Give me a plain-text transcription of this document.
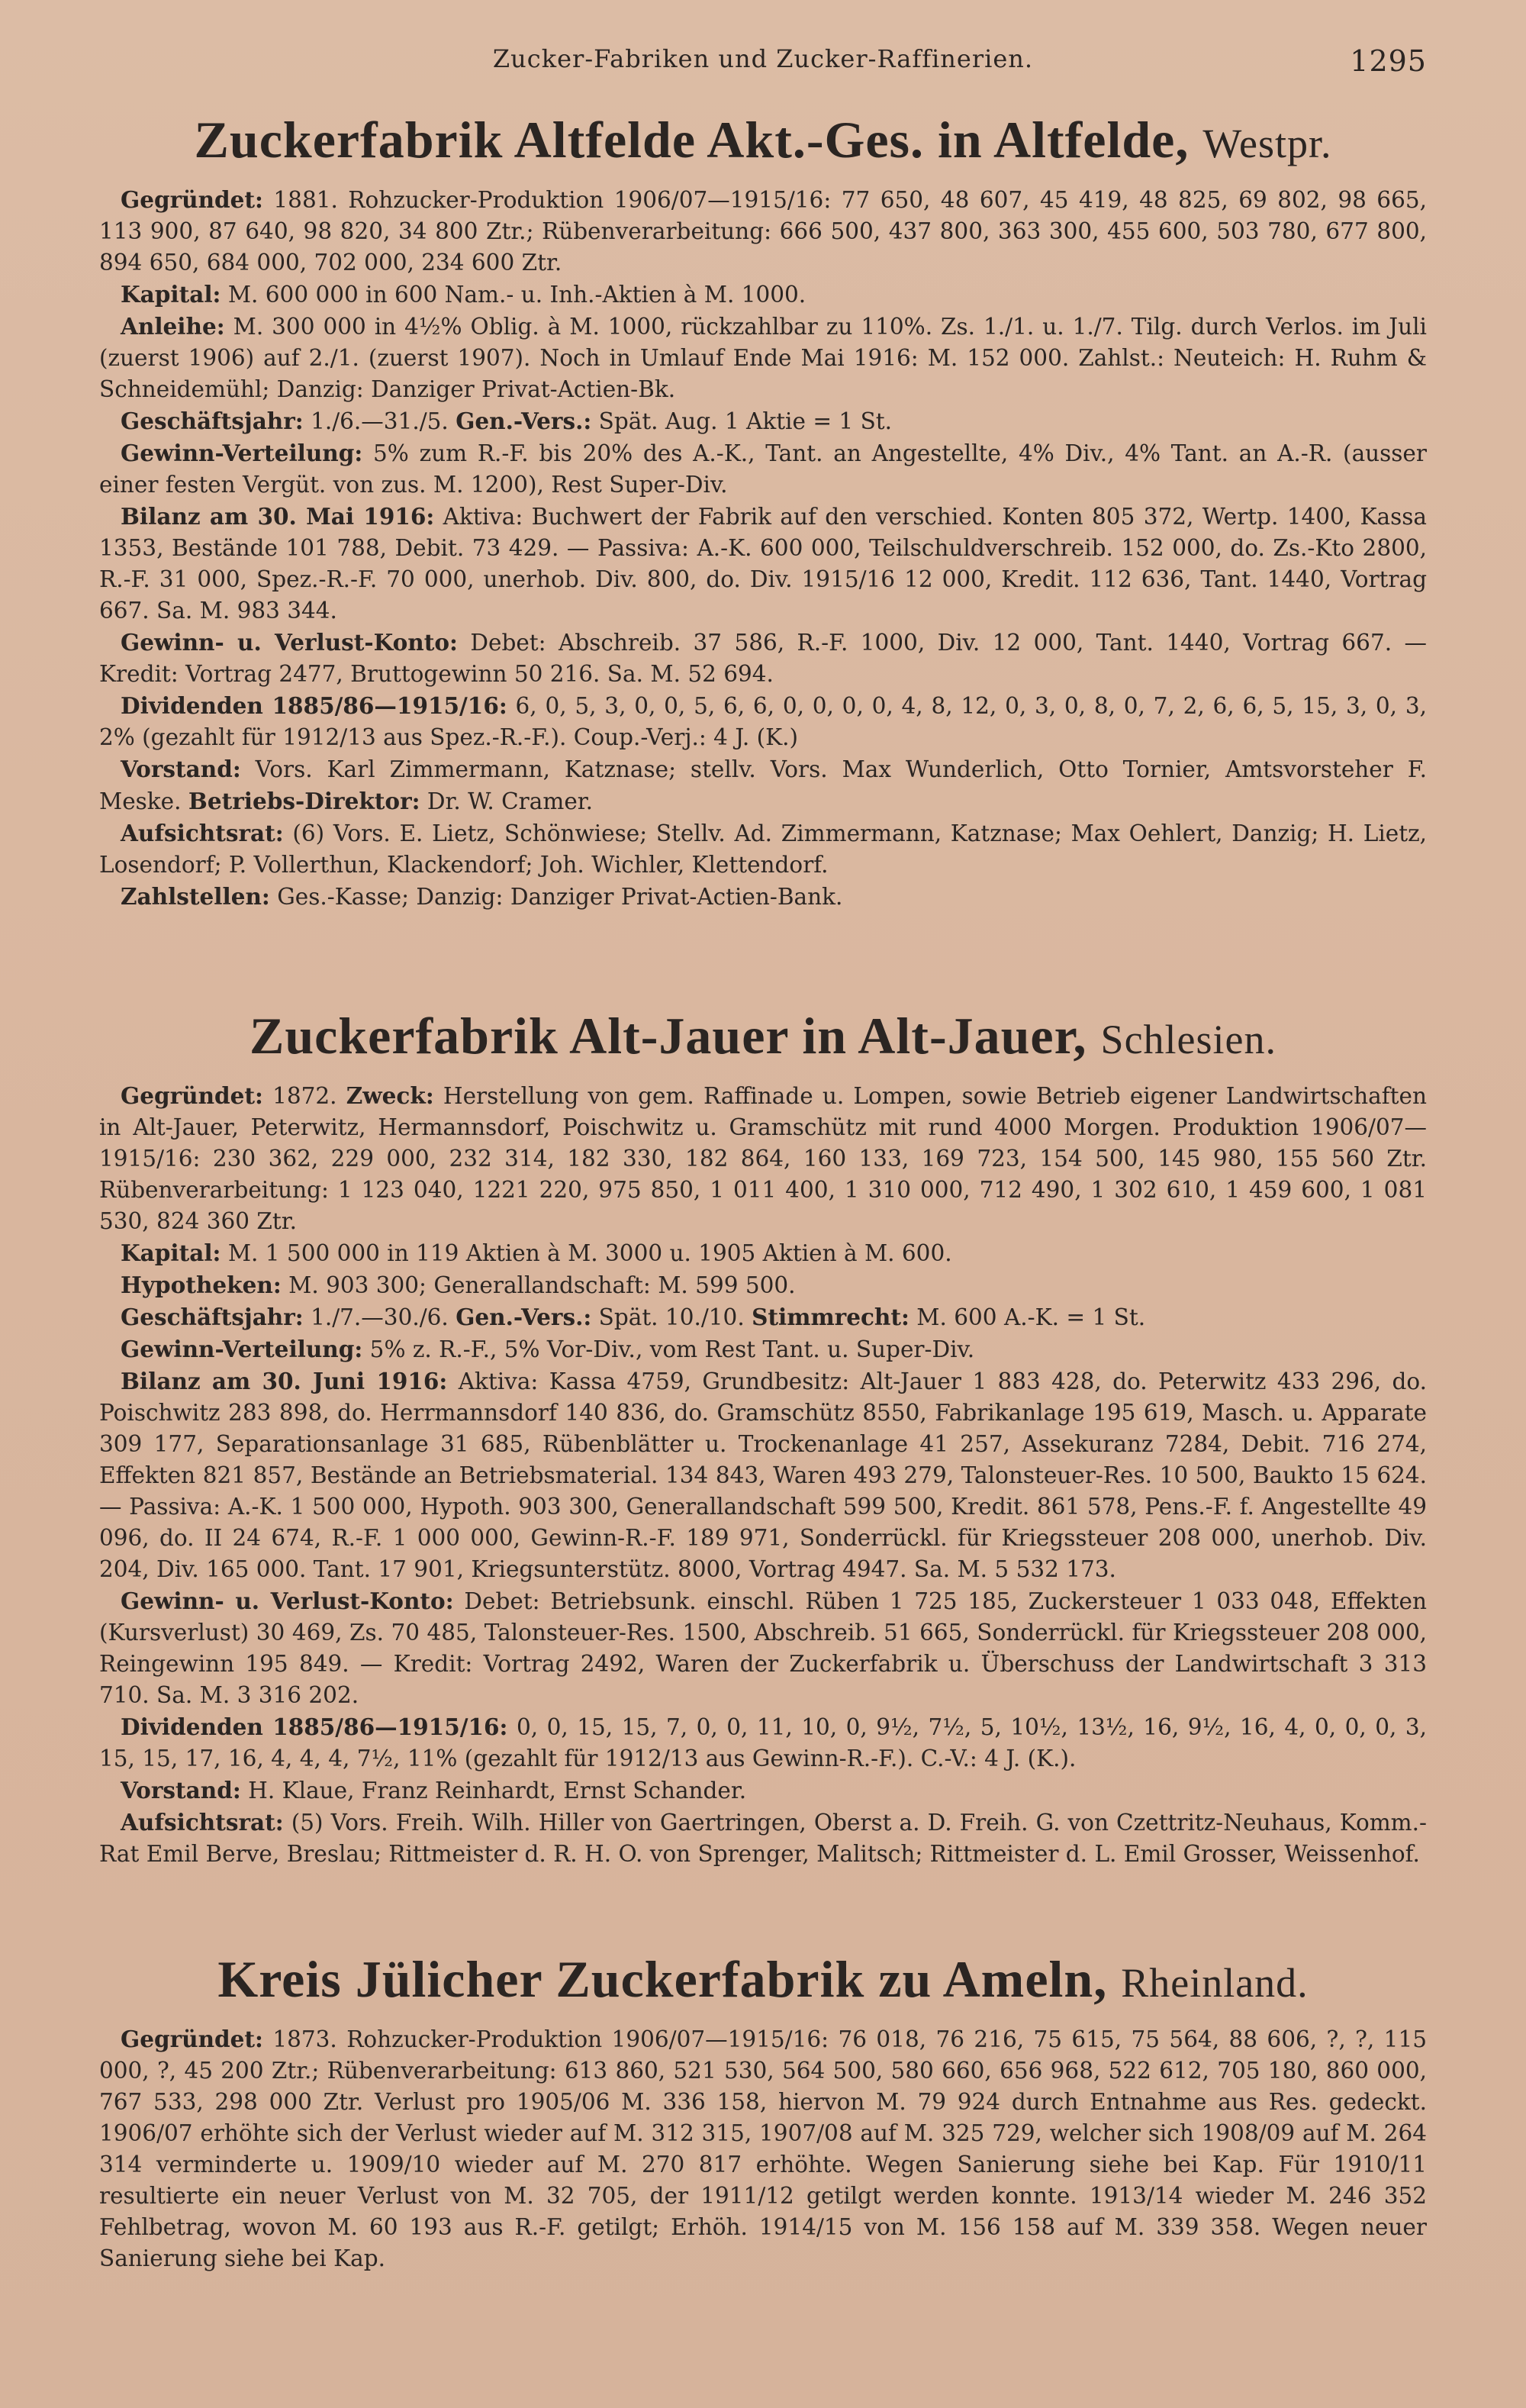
Zucker-Fabriken und Zucker-Raffinerien.	1295
Zuckerfabrik Altfelde Akt.-Ges. in Altfelde, Westpr.

Gegründet: 1881. Rohzucker-Produktion 1906/07—1915/16: 77 650, 48 607, 45 419, 48 825, 69 802, 98 665, 113 900, 87 640, 98 820, 34 800 Ztr.; Rübenverarbeitung: 666 500, 437 800, 363 300, 455 600, 503 780, 677 800, 894 650, 684 000, 702 000, 234 600 Ztr.

Kapital: M. 600 000 in 600 Nam.- u. Inh.-Aktien à M. 1000.

Anleihe: M. 300 000 in 4½% Oblig. à M. 1000, rückzahlbar zu 110%. Zs. 1./1. u. 1./7. Tilg. durch Verlos. im Juli (zuerst 1906) auf 2./1. (zuerst 1907). Noch in Umlauf Ende Mai 1916: M. 152 000. Zahlst.: Neuteich: H. Ruhm & Schneidemühl; Danzig: Danziger Privat-Actien-Bk.

Geschäftsjahr: 1./6.—31./5. Gen.-Vers.: Spät. Aug. 1 Aktie = 1 St.

Gewinn-Verteilung: 5% zum R.-F. bis 20% des A.-K., Tant. an Angestellte, 4% Div., 4% Tant. an A.-R. (ausser einer festen Vergüt. von zus. M. 1200), Rest Super-Div.

Bilanz am 30. Mai 1916: Aktiva: Buchwert der Fabrik auf den verschied. Konten 805 372, Wertp. 1400, Kassa 1353, Bestände 101 788, Debit. 73 429. — Passiva: A.-K. 600 000, Teilschuldverschreib. 152 000, do. Zs.-Kto 2800, R.-F. 31 000, Spez.-R.-F. 70 000, unerhob. Div. 800, do. Div. 1915/16 12 000, Kredit. 112 636, Tant. 1440, Vortrag 667. Sa. M. 983 344.

Gewinn- u. Verlust-Konto: Debet: Abschreib. 37 586, R.-F. 1000, Div. 12 000, Tant. 1440, Vortrag 667. — Kredit: Vortrag 2477, Bruttogewinn 50 216. Sa. M. 52 694.

Dividenden 1885/86—1915/16: 6, 0, 5, 3, 0, 0, 5, 6, 6, 0, 0, 0, 0, 4, 8, 12, 0, 3, 0, 8, 0, 7, 2, 6, 6, 5, 15, 3, 0, 3, 2% (gezahlt für 1912/13 aus Spez.-R.-F.). Coup.-Verj.: 4 J. (K.)

Vorstand: Vors. Karl Zimmermann, Katznase; stellv. Vors. Max Wunderlich, Otto Tornier, Amtsvorsteher F. Meske. Betriebs-Direktor: Dr. W. Cramer.

Aufsichtsrat: (6) Vors. E. Lietz, Schönwiese; Stellv. Ad. Zimmermann, Katznase; Max Oehlert, Danzig; H. Lietz, Losendorf; P. Vollerthun, Klackendorf; Joh. Wichler, Klettendorf.

Zahlstellen: Ges.-Kasse; Danzig: Danziger Privat-Actien-Bank.

Zuckerfabrik Alt-Jauer in Alt-Jauer, Schlesien.

Gegründet: 1872. Zweck: Herstellung von gem. Raffinade u. Lompen, sowie Betrieb eigener Landwirtschaften in Alt-Jauer, Peterwitz, Hermannsdorf, Poischwitz u. Gramschütz mit rund 4000 Morgen. Produktion 1906/07—1915/16: 230 362, 229 000, 232 314, 182 330, 182 864, 160 133, 169 723, 154 500, 145 980, 155 560 Ztr. Rübenverarbeitung: 1 123 040, 1221 220, 975 850, 1 011 400, 1 310 000, 712 490, 1 302 610, 1 459 600, 1 081 530, 824 360 Ztr.

Kapital: M. 1 500 000 in 119 Aktien à M. 3000 u. 1905 Aktien à M. 600.

Hypotheken: M. 903 300; Generallandschaft: M. 599 500.

Geschäftsjahr: 1./7.—30./6. Gen.-Vers.: Spät. 10./10. Stimmrecht: M. 600 A.-K. = 1 St.

Gewinn-Verteilung: 5% z. R.-F., 5% Vor-Div., vom Rest Tant. u. Super-Div.

Bilanz am 30. Juni 1916: Aktiva: Kassa 4759, Grundbesitz: Alt-Jauer 1 883 428, do. Peterwitz 433 296, do. Poischwitz 283 898, do. Herrmannsdorf 140 836, do. Gramschütz 8550, Fabrikanlage 195 619, Masch. u. Apparate 309 177, Separationsanlage 31 685, Rübenblätter u. Trockenanlage 41 257, Assekuranz 7284, Debit. 716 274, Effekten 821 857, Bestände an Betriebsmaterial. 134 843, Waren 493 279, Talonsteuer-Res. 10 500, Baukto 15 624. — Passiva: A.-K. 1 500 000, Hypoth. 903 300, Generallandschaft 599 500, Kredit. 861 578, Pens.-F. f. Angestellte 49 096, do. II 24 674, R.-F. 1 000 000, Gewinn-R.-F. 189 971, Sonderrückl. für Kriegssteuer 208 000, unerhob. Div. 204, Div. 165 000. Tant. 17 901, Kriegsunterstütz. 8000, Vortrag 4947. Sa. M. 5 532 173.

Gewinn- u. Verlust-Konto: Debet: Betriebsunk. einschl. Rüben 1 725 185, Zuckersteuer 1 033 048, Effekten (Kursverlust) 30 469, Zs. 70 485, Talonsteuer-Res. 1500, Abschreib. 51 665, Sonderrückl. für Kriegssteuer 208 000, Reingewinn 195 849. — Kredit: Vortrag 2492, Waren der Zuckerfabrik u. Überschuss der Landwirtschaft 3 313 710. Sa. M. 3 316 202.

Dividenden 1885/86—1915/16: 0, 0, 15, 15, 7, 0, 0, 11, 10, 0, 9½, 7½, 5, 10½, 13½, 16, 9½, 16, 4, 0, 0, 0, 3, 15, 15, 17, 16, 4, 4, 4, 7½, 11% (gezahlt für 1912/13 aus Gewinn-R.-F.). C.-V.: 4 J. (K.).

Vorstand: H. Klaue, Franz Reinhardt, Ernst Schander.

Aufsichtsrat: (5) Vors. Freih. Wilh. Hiller von Gaertringen, Oberst a. D. Freih. G. von Czettritz-Neuhaus, Komm.-Rat Emil Berve, Breslau; Rittmeister d. R. H. O. von Sprenger, Malitsch; Rittmeister d. L. Emil Grosser, Weissenhof.

Kreis Jülicher Zuckerfabrik zu Ameln, Rheinland.

Gegründet: 1873. Rohzucker-Produktion 1906/07—1915/16: 76 018, 76 216, 75 615, 75 564, 88 606, ?, ?, 115 000, ?, 45 200 Ztr.; Rübenverarbeitung: 613 860, 521 530, 564 500, 580 660, 656 968, 522 612, 705 180, 860 000, 767 533, 298 000 Ztr. Verlust pro 1905/06 M. 336 158, hiervon M. 79 924 durch Entnahme aus Res. gedeckt. 1906/07 erhöhte sich der Verlust wieder auf M. 312 315, 1907/08 auf M. 325 729, welcher sich 1908/09 auf M. 264 314 verminderte u. 1909/10 wieder auf M. 270 817 erhöhte. Wegen Sanierung siehe bei Kap. Für 1910/11 resultierte ein neuer Verlust von M. 32 705, der 1911/12 getilgt werden konnte. 1913/14 wieder M. 246 352 Fehlbetrag, wovon M. 60 193 aus R.-F. getilgt; Erhöh. 1914/15 von M. 156 158 auf M. 339 358. Wegen neuer Sanierung siehe bei Kap.
